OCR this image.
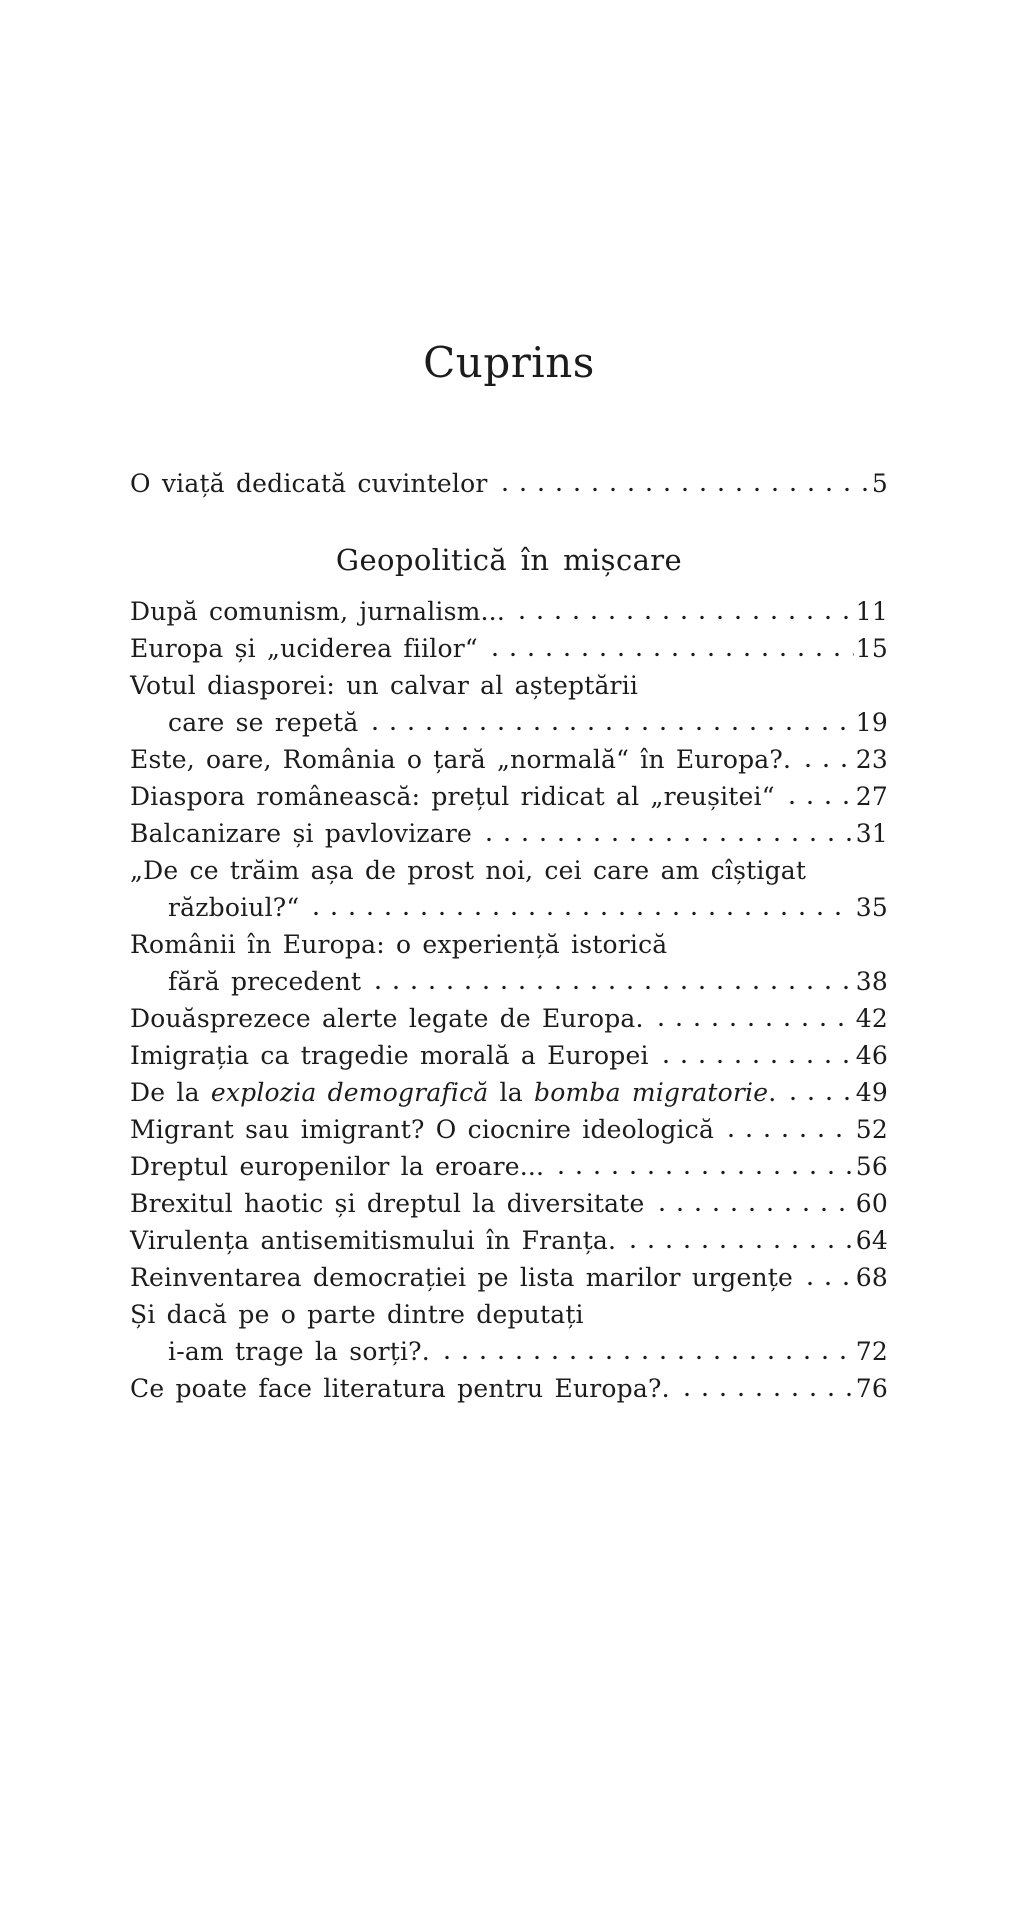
Cuprins
O viață dedicată cuvintelor	5
Geopolitică în mișcare
După comunism, jurnalism...	11
Europa și „uciderea fiilor“	15
Votul diasporei: un calvar al așteptării
care se repetă	19
Este, oare, România o țară „normală“ în Europa?.	23
Diaspora românească: prețul ridicat al „reușitei“	27
Balcanizare și pavlovizare	31
„De ce trăim așa de prost noi, cei care am cîștigat
războiul?“	35
Românii în Europa: o experiență istorică
fără precedent	38
Douăsprezece alerte legate de Europa.	42
Imigrația ca tragedie morală a Europei	46
De la explozia demografică la bomba migratorie.	49
Migrant sau imigrant? O ciocnire ideologică	52
Dreptul europenilor la eroare...	56
Brexitul haotic și dreptul la diversitate	60
Virulența antisemitismului în Franța.	64
Reinventarea democrației pe lista marilor urgențe	68
Și dacă pe o parte dintre deputați
i-am trage la sorți?.	72
Ce poate face literatura pentru Europa?.	76
